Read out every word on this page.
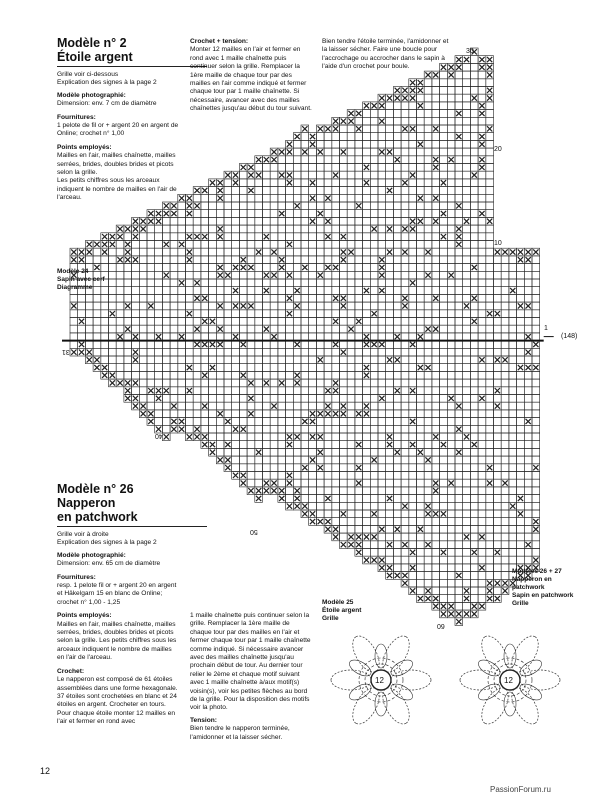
Modèle n° 2
Étoile argent

Grille voir ci-dessous
Explication des signes à la page 2

Modèle photographié:
Dimension: env. 7 cm de diamètre
Fournitures:
1 pelote de fil or + argent 20 en argent de Online; crochet n° 1,00
Points employés:
Mailles en l'air, mailles chaînette, mailles serrées, brides, doubles brides et picots selon la grille.
Les petits chiffres sous les arceaux indiquent le nombre de mailles en l'air de l'arceau.
Crochet + tension:
Monter 12 mailles en l'air et fermer en rond avec 1 maille chaînette puis continuer selon la grille. Remplacer la 1ère maille de chaque tour par des mailles en l'air comme indiqué et fermer chaque tour par 1 maille chaînette. Si nécessaire, avancer avec des mailles chaînettes jusqu'au début du tour suivant.
Bien tendre l'étoile terminée, l'amidonner et la laisser sécher. Faire une boucle pour l'accrochage ou accrocher dans le sapin à l'aide d'un crochet pour boule.
Modèle 24
Sapin avec cerf
Diagramme
30
20
10
1
(148)
31
40
50
60
Modèle n° 26
Napperon
en patchwork

Grille voir à droite
Explication des signes à la page 2

Modèle photographié:
Dimension: env. 65 cm de diamètre
Fournitures:
resp. 1 pelote fil or + argent 20 en argent et Häkelgarn 15 en blanc de Online; crochet n° 1,00 - 1,25
Points employés:
Mailles en l'air, mailles chaînette, mailles serrées, brides, doubles brides et picots selon la grille. Les petits chiffres sous les arceaux indiquent le nombre de mailles en l'air de l'arceau.
Crochet:
Le napperon est composé de 61 étoiles assemblées dans une forme hexagonale. 37 étoiles sont crochetées en blanc et 24 étoiles en argent. Crocheter en tours. Pour chaque étoile monter 12 mailles en l'air et fermer en rond avec

1 maille chaînette puis continuer selon la grille. Remplacer la 1ère maille de chaque tour par des mailles en l'air et fermer chaque tour par 1 maille chaînette comme indiqué. Si nécessaire avancer avec des mailles chaînette jusqu'au prochain début de tour. Au dernier tour relier le 2ème et chaque motif suivant avec 1 maille chaînette à/aux motif(s) voisin(s), voir les petites flèches au bord de la grille. Pour la disposition des motifs voir la photo.

Tension:
Bien tendre le napperon terminée, l'amidonner et la laisser sécher.
Modèle 25
Étoile argent
Grille
Modèles 26 + 27
Napperon en
patchwork
Sapin en patchwork
Grille
12	12
12
PassionForum.ru
